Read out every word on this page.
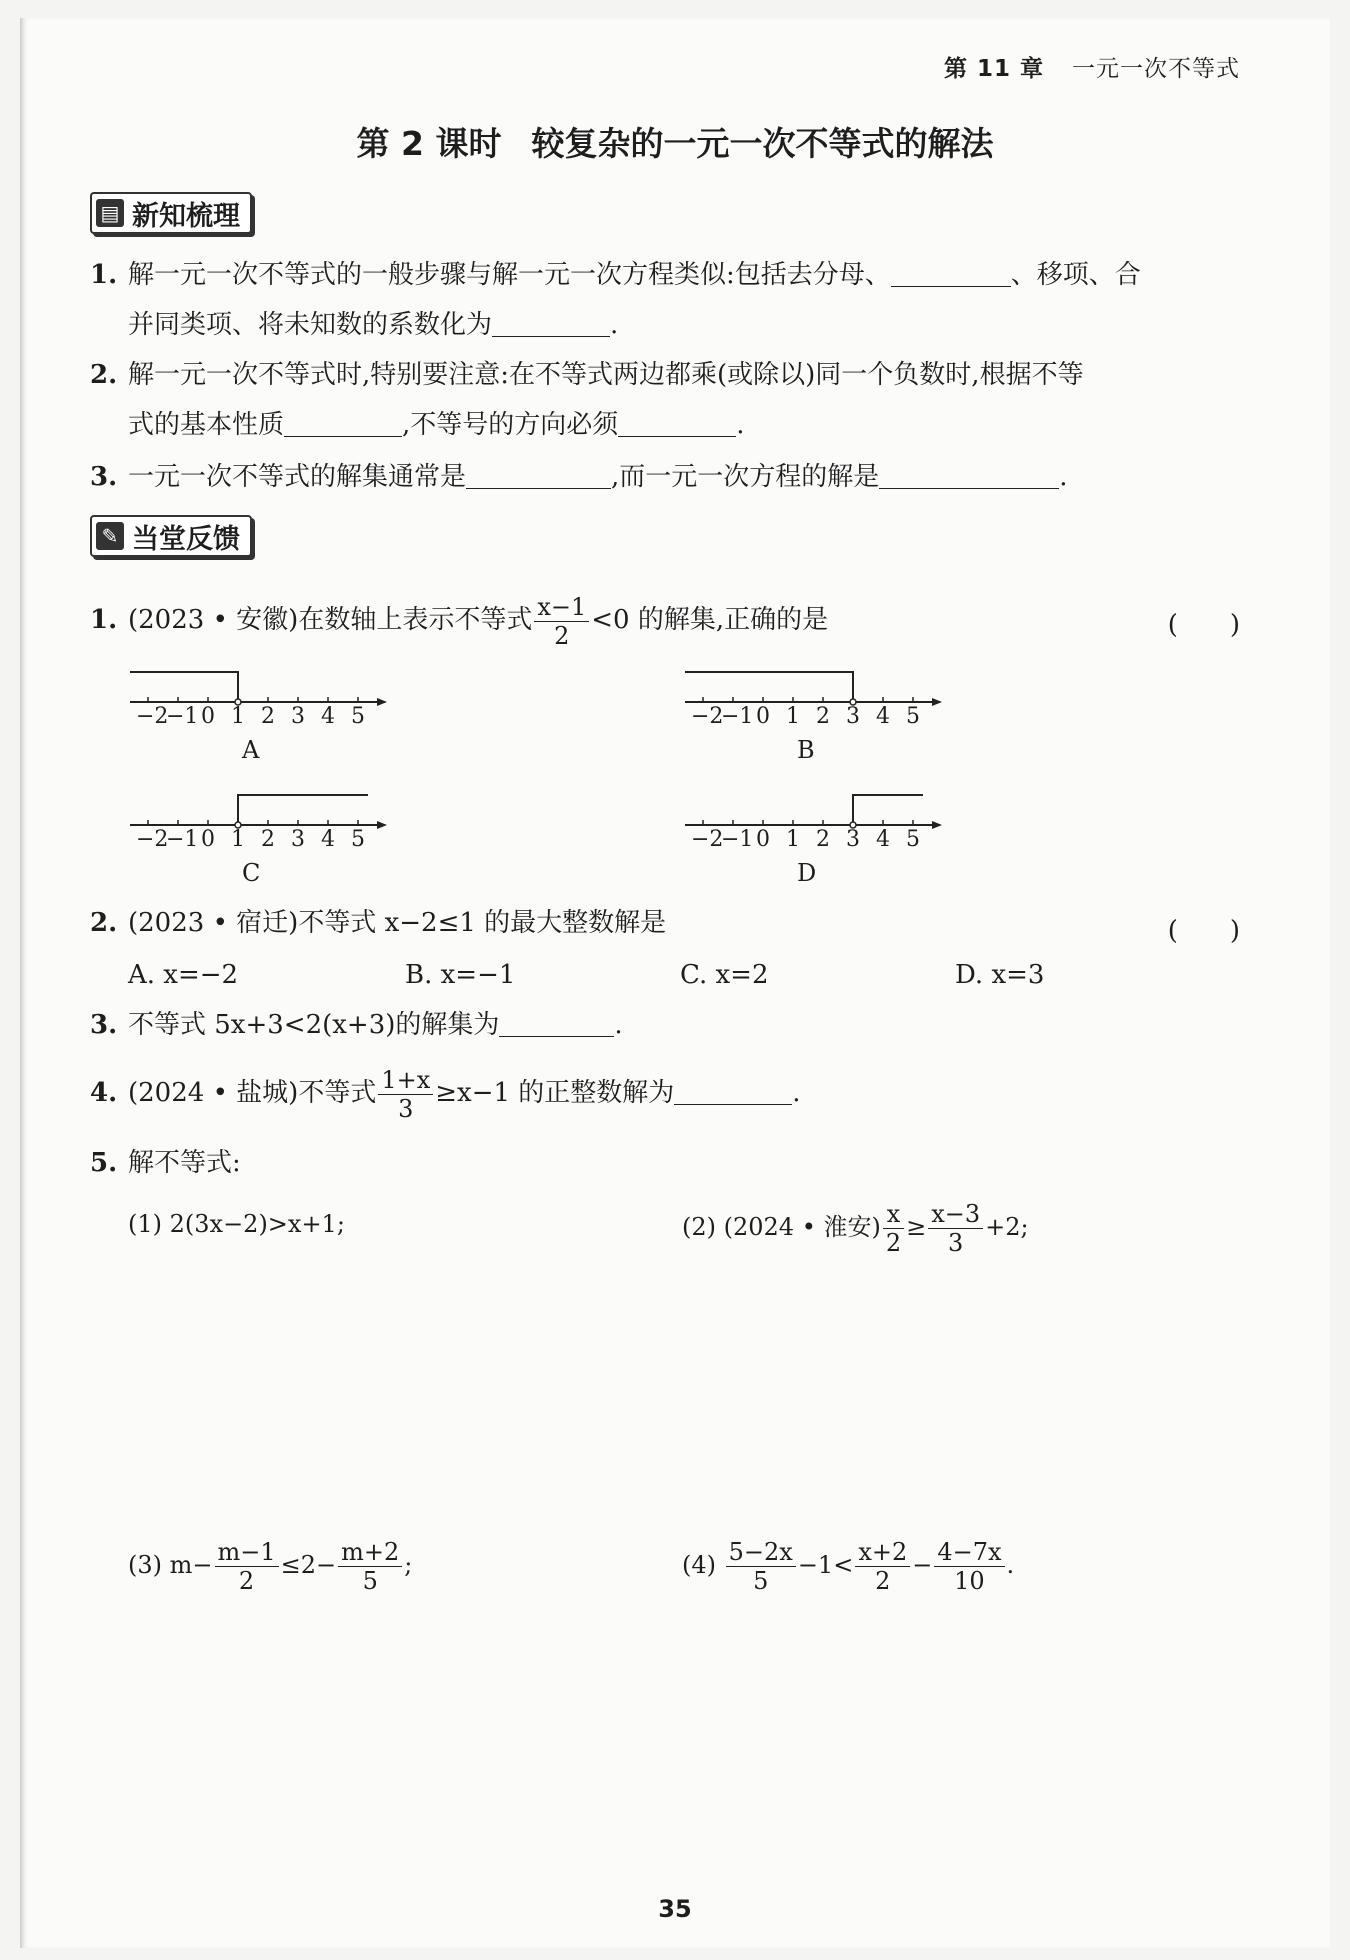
第 11 章 一元一次不等式
第 2 课时 较复杂的一元一次不等式的解法
▤ 新知梳理
1. 解一元一次不等式的一般步骤与解一元一次方程类似:包括去分母、	、移项、合
并同类项、将未知数的系数化为	.
2. 解一元一次不等式时,特别要注意:在不等式两边都乘(或除以)同一个负数时,根据不等
式的基本性质	,不等号的方向必须	.
3. 一元一次不等式的解集通常是	,而一元一次方程的解是	.
✎ 当堂反馈
1. (2023 • 安徽)在数轴上表示不等式 $\frac{x-1}{2} <0$ 的解集,正确的是	(　　)
−2
−1 0 1 2 3 4 5
A
−2
−1 0 1 2 3 4 5
B
−2
−1 0 1 2 3 4 5
C
−2
−1 0 1 2 3 4 5
D
2. (2023 • 宿迁)不等式 x−2≤1 的最大整数解是	(　　)
A. x=−2	B. x=−1	C. x=2	D. x=3
3. 不等式 5x+3<2(x+3)的解集为	.
4. (2024 • 盐城)不等式 $\frac{1+x}{3} \ge x-1$ 的正整数解为	.
5. 解不等式:
(1) 2(3x−2)>x+1;	(2) (2024 • 淮安) $\frac{x}{2} \ge \frac{x-3}{3} +2$;
(3) $m- \frac{m-1}{2} \le 2- \frac{m+2}{5}$ ;	$(4) \frac{5-2x}{5} -1< \frac{x+2}{2} - \frac{4-7x}{10}$ .
35
